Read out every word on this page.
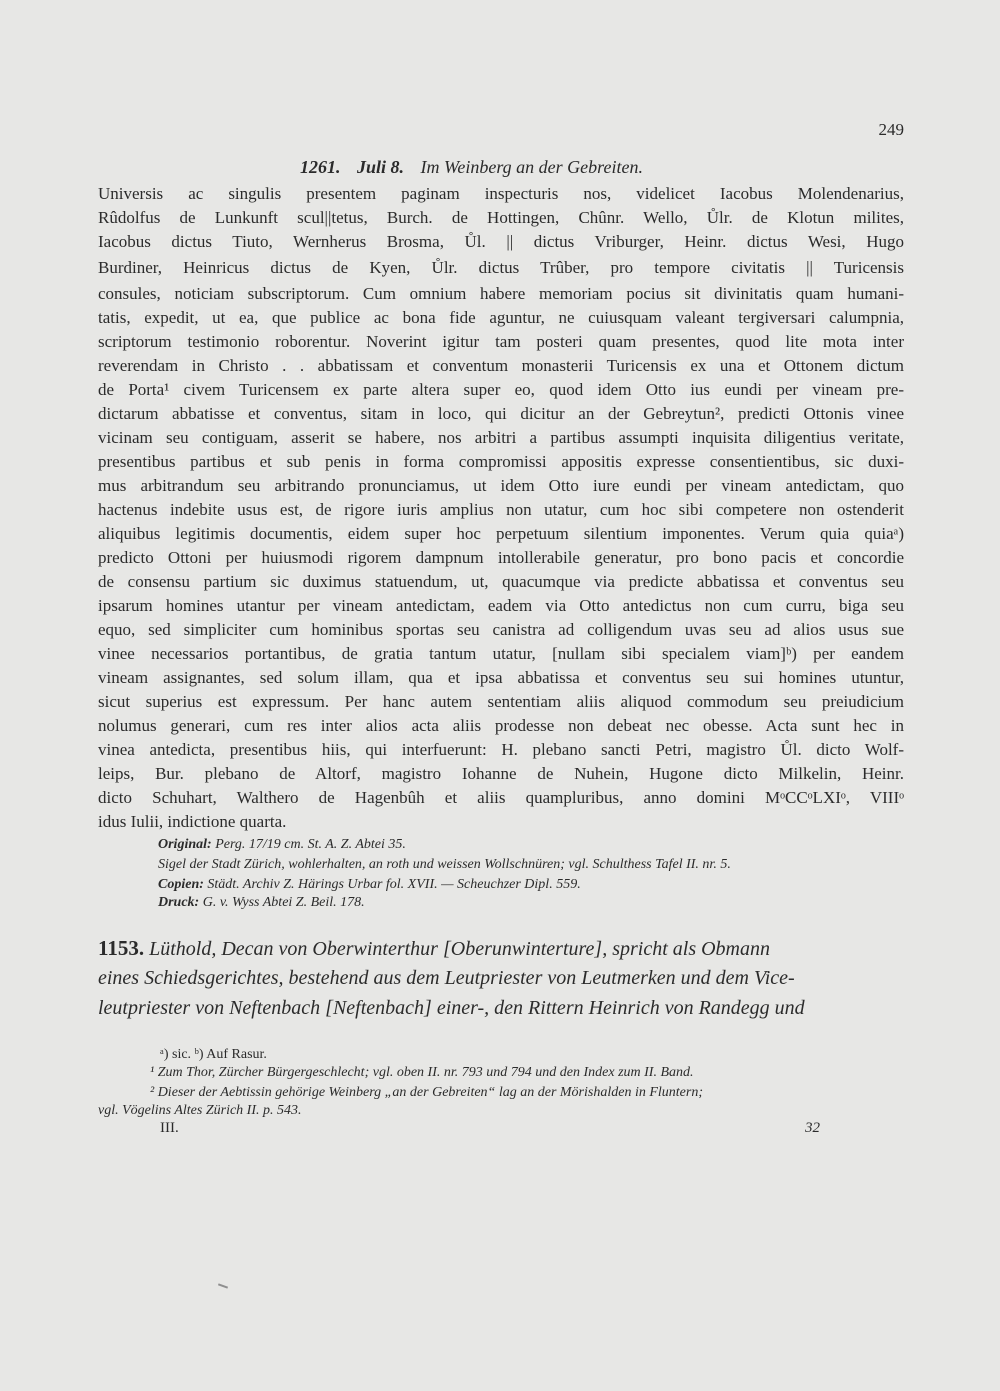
249
1261. Juli 8. Im Weinberg an der Gebreiten.
Universis ac singulis presentem paginam inspecturis nos, videlicet Iacobus Molendenarius,
Rûdolfus de Lunkunft scul||tetus, Burch. de Hottingen, Chûnr. Wello, Ůlr. de Klotun milites,
Iacobus dictus Tiuto, Wernherus Brosma, Ůl. || dictus Vriburger, Heinr. dictus Wesi, Hugo
Burdiner, Heinricus dictus de Kyen, Ůlr. dictus Trûber, pro tempore civitatis || Turicensis
consules, noticiam subscriptorum. Cum omnium habere memoriam pocius sit divinitatis quam humani-
tatis, expedit, ut ea, que publice ac bona fide aguntur, ne cuiusquam valeant tergiversari calumpnia,
scriptorum testimonio roborentur. Noverint igitur tam posteri quam presentes, quod lite mota inter
reverendam in Christo . . abbatissam et conventum monasterii Turicensis ex una et Ottonem dictum
de Porta¹ civem Turicensem ex parte altera super eo, quod idem Otto ius eundi per vineam pre-
dictarum abbatisse et conventus, sitam in loco, qui dicitur an der Gebreytun², predicti Ottonis vinee
vicinam seu contiguam, asserit se habere, nos arbitri a partibus assumpti inquisita diligentius veritate,
presentibus partibus et sub penis in forma compromissi appositis expresse consentientibus, sic duxi-
mus arbitrandum seu arbitrando pronunciamus, ut idem Otto iure eundi per vineam antedictam, quo
hactenus indebite usus est, de rigore iuris amplius non utatur, cum hoc sibi competere non ostenderit
aliquibus legitimis documentis, eidem super hoc perpetuum silentium imponentes. Verum quia quiaᵃ)
predicto Ottoni per huiusmodi rigorem dampnum intollerabile generatur, pro bono pacis et concordie
de consensu partium sic duximus statuendum, ut, quacumque via predicte abbatissa et conventus seu
ipsarum homines utantur per vineam antedictam, eadem via Otto antedictus non cum curru, biga seu
equo, sed simpliciter cum hominibus sportas seu canistra ad colligendum uvas seu ad alios usus sue
vinee necessarios portantibus, de gratia tantum utatur, [nullam sibi specialem viam]ᵇ) per eandem
vineam assignantes, sed solum illam, qua et ipsa abbatissa et conventus seu sui homines utuntur,
sicut superius est expressum. Per hanc autem sententiam aliis aliquod commodum seu preiudicium
nolumus generari, cum res inter alios acta aliis prodesse non debeat nec obesse. Acta sunt hec in
vinea antedicta, presentibus hiis, qui interfuerunt: H. plebano sancti Petri, magistro Ůl. dicto Wolf-
leips, Bur. plebano de Altorf, magistro Iohanne de Nuhein, Hugone dicto Milkelin, Heinr.
dicto Schuhart, Walthero de Hagenbûh et aliis quampluribus, anno domini MᵒCCᵒLXIᵒ, VIIIᵒ
idus Iulii, indictione quarta.
Original: Perg. 17/19 cm. St. A. Z. Abtei 35.
Sigel der Stadt Zürich, wohlerhalten, an roth und weissen Wollschnüren; vgl. Schulthess Tafel II. nr. 5.
Copien: Städt. Archiv Z. Härings Urbar fol. XVII. — Scheuchzer Dipl. 559.
Druck: G. v. Wyss Abtei Z. Beil. 178.
1153. Lüthold, Decan von Oberwinterthur [Oberunwinterture], spricht als Obmann
eines Schiedsgerichtes, bestehend aus dem Leutpriester von Leutmerken und dem Vice-
leutpriester von Neftenbach [Neftenbach] einer-, den Rittern Heinrich von Randegg und
ᵃ) sic. ᵇ) Auf Rasur.
¹ Zum Thor, Zürcher Bürgergeschlecht; vgl. oben II. nr. 793 und 794 und den Index zum II. Band.
² Dieser der Aebtissin gehörige Weinberg „an der Gebreiten“ lag an der Mörishalden in Fluntern;
vgl. Vögelins Altes Zürich II. p. 543.
III.	32
